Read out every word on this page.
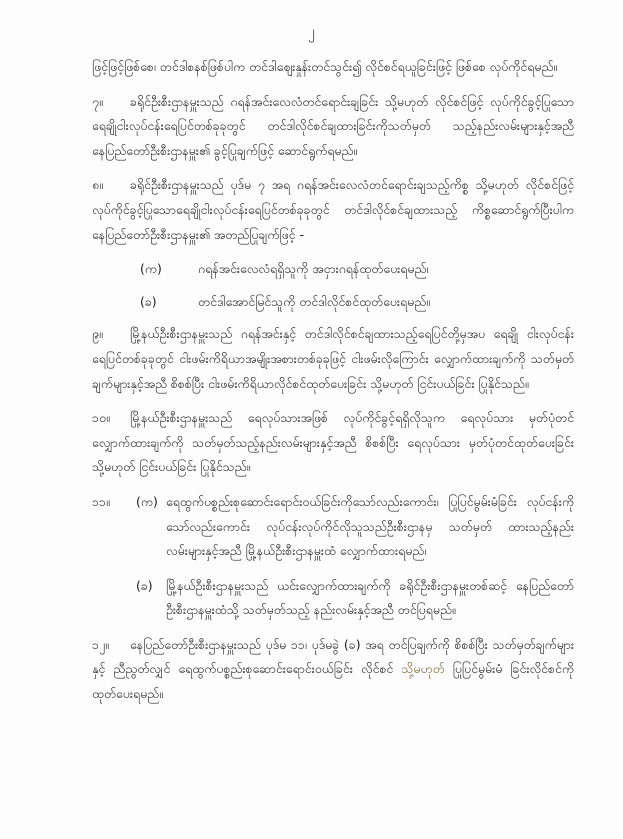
၂

ဖြင့်ဖြင့်ဖြစ်စေ၊ တင်ဒါစနစ်ဖြစ်ပါက တင်ဒါဈေးနှုန်းတင်သွင်း၍ လိုင်စင်ရယူခြင်းဖြင့် ဖြစ်စေ လုပ်ကိုင်ရမည်။

၇။ ခရိုင်ဦးစီးဌာနမှူးသည် ဂရန်အင်းလေလံတင်ရောင်းချခြင်း သို့မဟုတ် လိုင်စင်ဖြင့် လုပ်ကိုင်ခွင့်ပြုသော ရေချိုငါးလုပ်ငန်းရေပြင်တစ်ခုခုတွင် တင်ဒါလိုင်စင်ချထားခြင်းကိုသတ်မှတ် သည့်နည်းလမ်းများနှင့်အညီ နေပြည်တော်ဦးစီးဌာနမှူး၏ ခွင့်ပြုချက်ဖြင့် ဆောင်ရွက်ရမည်။

၈။ ခရိုင်ဦးစီးဌာနမှူးသည် ပုဒ်မ ၇ အရ ဂရန်အင်းလေလံတင်ရောင်းချသည့်ကိစ္စ သို့မဟုတ် လိုင်စင်ဖြင့် လုပ်ကိုင်ခွင့်ပြုသောရေချိုငါးလုပ်ငန်းရေပြင်တစ်ခုခုတွင် တင်ဒါလိုင်စင်ချထားသည့် ကိစ္စဆောင်ရွက်ပြီးပါက နေပြည်တော်ဦးစီးဌာနမှူး၏ အတည်ပြုချက်ဖြင့် -

(က)	ဂရန်အင်းလေလံရရှိသူကို အငှားဂရန်ထုတ်ပေးရမည်၊
(ခ)	တင်ဒါအောင်မြင်သူကို တင်ဒါလိုင်စင်ထုတ်ပေးရမည်။

၉။ မြို့နယ်ဦးစီးဌာနမှူးသည် ဂရန်အင်းနှင့် တင်ဒါလိုင်စင်ချထားသည့်ရေပြင်တို့မှအပ ရေချို ငါးလုပ်ငန်းရေပြင်တစ်ခုခုတွင် ငါးဖမ်းကိရိယာအမျိုးအစားတစ်ခုခုဖြင့် ငါးဖမ်းလိုကြောင်း လျှောက်ထားချက်ကို သတ်မှတ်ချက်များနှင့်အညီ စိစစ်ပြီး ငါးဖမ်းကိရိယာလိုင်စင်ထုတ်ပေးခြင်း သို့မဟုတ် ငြင်းပယ်ခြင်း ပြုနိုင်သည်။

၁၀။ မြို့နယ်ဦးစီးဌာနမှူးသည် ရေလုပ်သားအဖြစ် လုပ်ကိုင်ခွင့်ရရှိလိုသူက ရေလုပ်သား မှတ်ပုံတင်လျှောက်ထားချက်ကို သတ်မှတ်သည့်နည်းလမ်းများနှင့်အညီ စိစစ်ပြီး ရေလုပ်သား မှတ်ပုံတင်ထုတ်ပေးခြင်း သို့မဟုတ် ငြင်းပယ်ခြင်း ပြုနိုင်သည်။

၁၁။	(က) ရေထွက်ပစ္စည်းစုဆောင်းရောင်းဝယ်ခြင်းကိုသော်လည်းကောင်း၊ ပြုပြင်မွမ်းမံခြင်း လုပ်ငန်းကိုသော်လည်းကောင်း လုပ်ငန်းလုပ်ကိုင်လိုသူသည်ဦးစီးဌာနမှ သတ်မှတ် ထားသည့်နည်းလမ်းများနှင့်အညီ မြို့နယ်ဦးစီးဌာနမှူးထံ လျှောက်ထားရမည်၊
(ခ) မြို့နယ်ဦးစီးဌာနမှူးသည် ယင်းလျှောက်ထားချက်ကို ခရိုင်ဦးစီးဌာနမှူးတစ်ဆင့် နေပြည်တော်ဦးစီးဌာနမှူးထံသို့ သတ်မှတ်သည့် နည်းလမ်းနှင့်အညီ တင်ပြရမည်။

၁၂။ နေပြည်တော်ဦးစီးဌာနမှူးသည် ပုဒ်မ ၁၁၊ ပုဒ်မခွဲ (ခ) အရ တင်ပြချက်ကို စိစစ်ပြီး သတ်မှတ်ချက်များနှင့် ညီညွတ်လျှင် ရေထွက်ပစ္စည်းစုဆောင်းရောင်းဝယ်ခြင်း လိုင်စင် သို့မဟုတ် ပြုပြင်မွမ်းမံ ခြင်းလိုင်စင်ကို ထုတ်ပေးရမည်။
